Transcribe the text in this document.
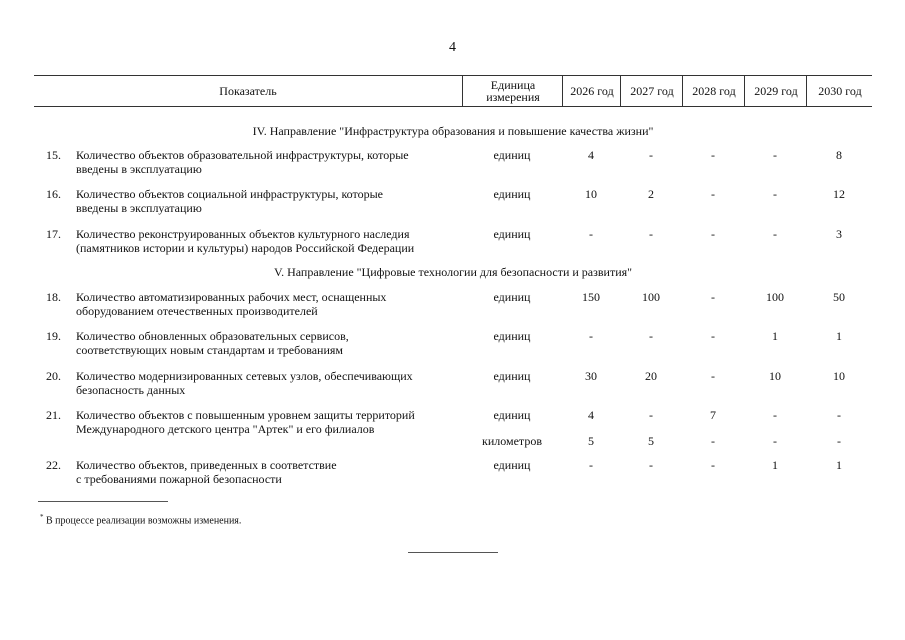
4
Показатель	Единица
измерения	2026 год	2027 год	2028 год	2029 год	2030 год
IV. Направление "Инфраструктура образования и повышение качества жизни"
15. Количество объектов образовательной инфраструктуры, которые
введены в эксплуатацию
единиц	4	-	-	-	8
16. Количество объектов социальной инфраструктуры, которые
введены в эксплуатацию
единиц	10	2	-	-	12
17. Количество реконструированных объектов культурного наследия
(памятников истории и культуры) народов Российской Федерации
единиц	-	-	-	-	3
V. Направление "Цифровые технологии для безопасности и развития"
18. Количество автоматизированных рабочих мест, оснащенных
оборудованием отечественных производителей
единиц	150	100	-	100	50
19. Количество обновленных образовательных сервисов,
соответствующих новым стандартам и требованиям
единиц	-	-	-	1	1
20. Количество модернизированных сетевых узлов, обеспечивающих
безопасность данных
единиц	30	20	-	10	10
21. Количество объектов с повышенным уровнем защиты территорий
Международного детского центра "Артек" и его филиалов
единиц	4	-	7	-	-
километров	5	5	-	-	-
22. Количество объектов, приведенных в соответствие
с требованиями пожарной безопасности
единиц	-	-	-	1	1
* В процессе реализации возможны изменения.
